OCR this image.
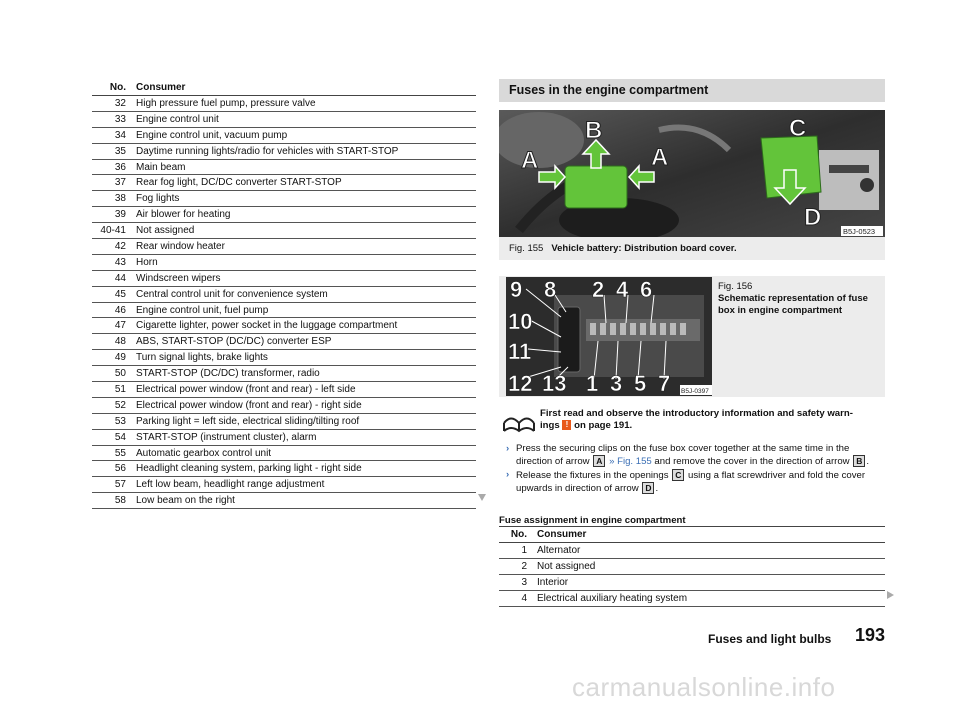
No.	Consumer
32	High pressure fuel pump, pressure valve
33	Engine control unit
34	Engine control unit, vacuum pump
35	Daytime running lights/radio for vehicles with START-STOP
36	Main beam
37	Rear fog light, DC/DC converter START-STOP
38	Fog lights
39	Air blower for heating
40-41	Not assigned
42	Rear window heater
43	Horn
44	Windscreen wipers
45	Central control unit for convenience system
46	Engine control unit, fuel pump
47	Cigarette lighter, power socket in the luggage compartment
48	ABS, START-STOP (DC/DC) converter ESP
49	Turn signal lights, brake lights
50	START-STOP (DC/DC) transformer, radio
51	Electrical power window (front and rear) - left side
52	Electrical power window (front and rear) - right side
53	Parking light = left side, electrical sliding/tilting roof
54	START-STOP (instrument cluster), alarm
55	Automatic gearbox control unit
56	Headlight cleaning system, parking light - right side
57	Left low beam, headlight range adjustment
58	Low beam on the right
Fuses in the engine compartment
B
A	A
C
D
B5J-0523
Fig. 155 Vehicle battery: Distribution board cover.
9 8 2 4 6
10
11
12 13 1 3 5 7 B5J-0397
Fig. 156
Schematic representation of fuse box in engine compartment
First read and observe the introductory information and safety warn-
ings ! on page 191.
› Press the securing clips on the fuse box cover together at the same time in the direction of arrow A » Fig. 155 and remove the cover in the direction of arrow B .
› Release the fixtures in the openings C using a flat screwdriver and fold the cover upwards in direction of arrow D .
Fuse assignment in engine compartment
No.	Consumer
1	Alternator
2	Not assigned
3	Interior
4	Electrical auxiliary heating system
Fuses and light bulbs 193
carmanualsonline.info
